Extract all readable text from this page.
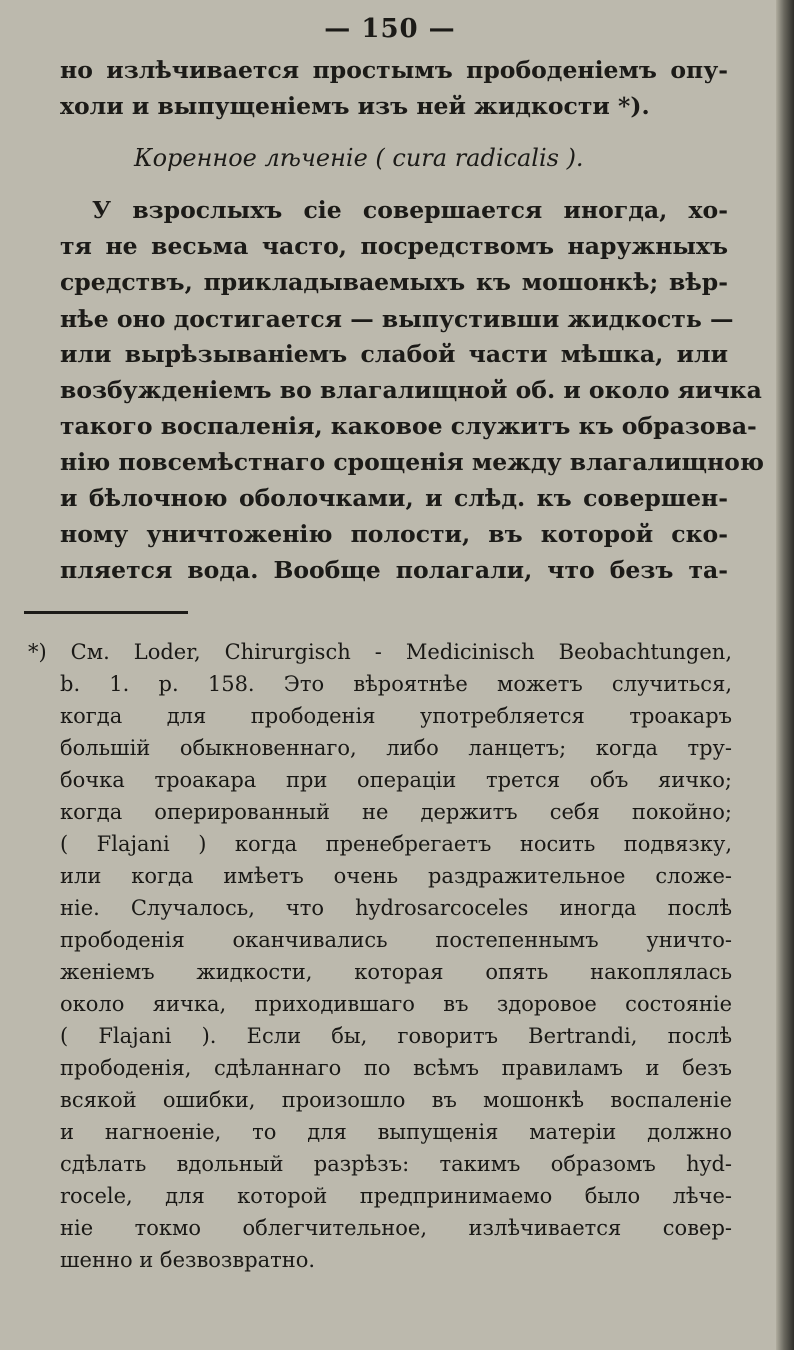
— 150 —
но излѣчивается простымъ прободеніемъ опу-
холи и выпущеніемъ изъ ней жидкости *).
Коренное лѣченіе ( cura radicalis ).
У взрослыхъ сіе совершается иногда, хо-
тя не весьма часто, посредствомъ наружныхъ
средствъ, прикладываемыхъ къ мошонкѣ; вѣр-
нѣе оно достигается — выпустивши жидкость —
или вырѣзываніемъ слабой части мѣшка, или
возбужденіемъ во влагалищной об. и около яичка
такого воспаленія, каковое служитъ къ образова-
нію повсемѣстнаго срощенія между влагалищною
и бѣлочною оболочками, и слѣд. къ совершен-
ному уничтоженію полости, въ которой ско-
пляется вода. Вообще полагали, что безъ та-
*) См. Loder, Chirurgisch - Medicinisch Beobachtungen,
b. 1. p. 158. Это вѣроятнѣе можетъ случиться,
когда для прободенія употребляется троакаръ
большій обыкновеннаго, либо ланцетъ; когда тру-
бочка троакара при операціи трется объ яичко;
когда оперированный не держитъ себя покойно;
( Flajani ) когда пренебрегаетъ носить подвязку,
или когда имѣетъ очень раздражительное сложе-
ніе. Случалось, что hydrosarcoceles иногда послѣ
прободенія оканчивались постепеннымъ уничто-
женіемъ жидкости, которая опять накоплялась
около яичка, приходившаго въ здоровое состояніе
( Flajani ). Если бы, говоритъ Bertrandi, послѣ
прободенія, сдѣланнаго по всѣмъ правиламъ и безъ
всякой ошибки, произошло въ мошонкѣ воспаленіе
и нагноеніе, то для выпущенія матеріи должно
сдѣлать вдольный разрѣзъ: такимъ образомъ hyd-
rocele, для которой предпринимаемо было лѣче-
ніе токмо облегчительное, излѣчивается совер-
шенно и безвозвратно.
